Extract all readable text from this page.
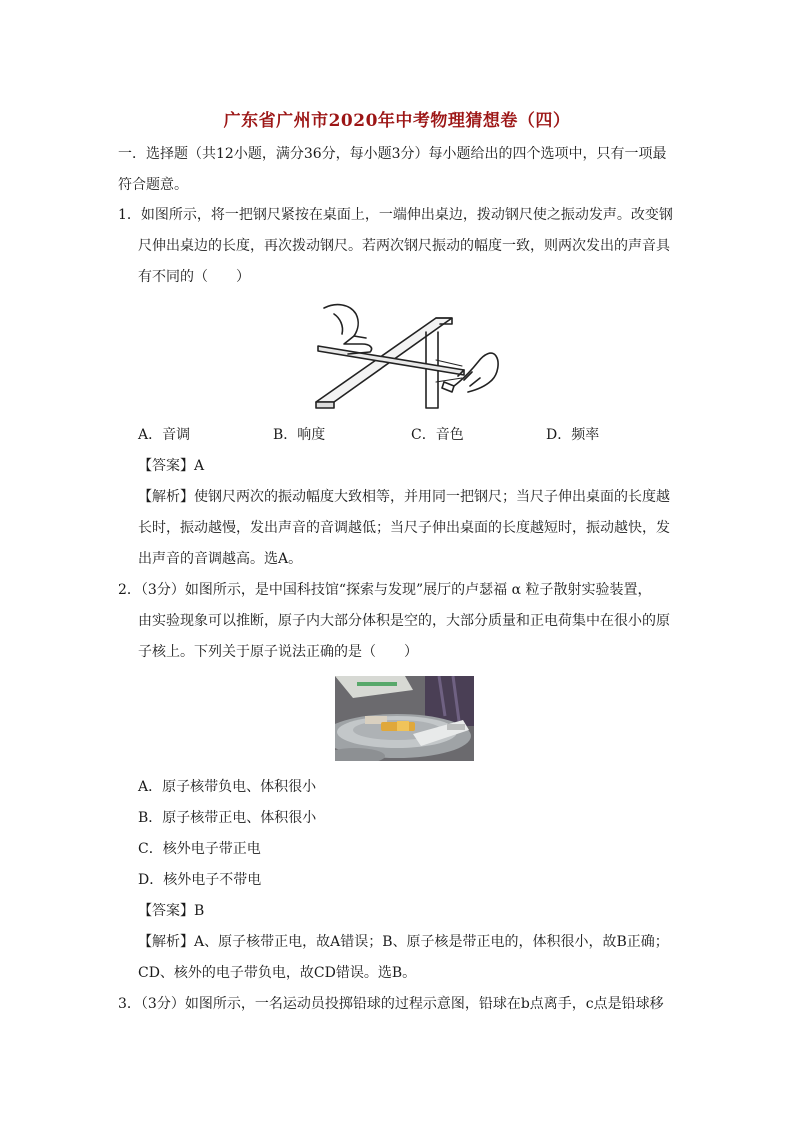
广东省广州市2020年中考物理猜想卷（四）
一．选择题（共12小题，满分36分，每小题3分）每小题给出的四个选项中，只有一项最
符合题意。
1．如图所示，将一把钢尺紧按在桌面上，一端伸出桌边，拨动钢尺使之振动发声。改变钢
尺伸出桌边的长度，再次拨动钢尺。若两次钢尺振动的幅度一致，则两次发出的声音具
有不同的（　　）
A．音调	B．响度	C．音色	D．频率
【答案】A
【解析】使钢尺两次的振动幅度大致相等，并用同一把钢尺；当尺子伸出桌面的长度越
长时，振动越慢，发出声音的音调越低；当尺子伸出桌面的长度越短时，振动越快，发
出声音的音调越高。选A。
2．（3分）如图所示，是中国科技馆“探索与发现”展厅的卢瑟福 α 粒子散射实验装置，
由实验现象可以推断，原子内大部分体积是空的，大部分质量和正电荷集中在很小的原
子核上。下列关于原子说法正确的是（　　）
A．原子核带负电、体积很小
B．原子核带正电、体积很小
C．核外电子带正电
D．核外电子不带电
【答案】B
【解析】A、原子核带正电，故A错误；B、原子核是带正电的，体积很小，故B正确；
CD、核外的电子带负电，故CD错误。选B。
3．（3分）如图所示，一名运动员投掷铅球的过程示意图，铅球在b点离手，c点是铅球移
